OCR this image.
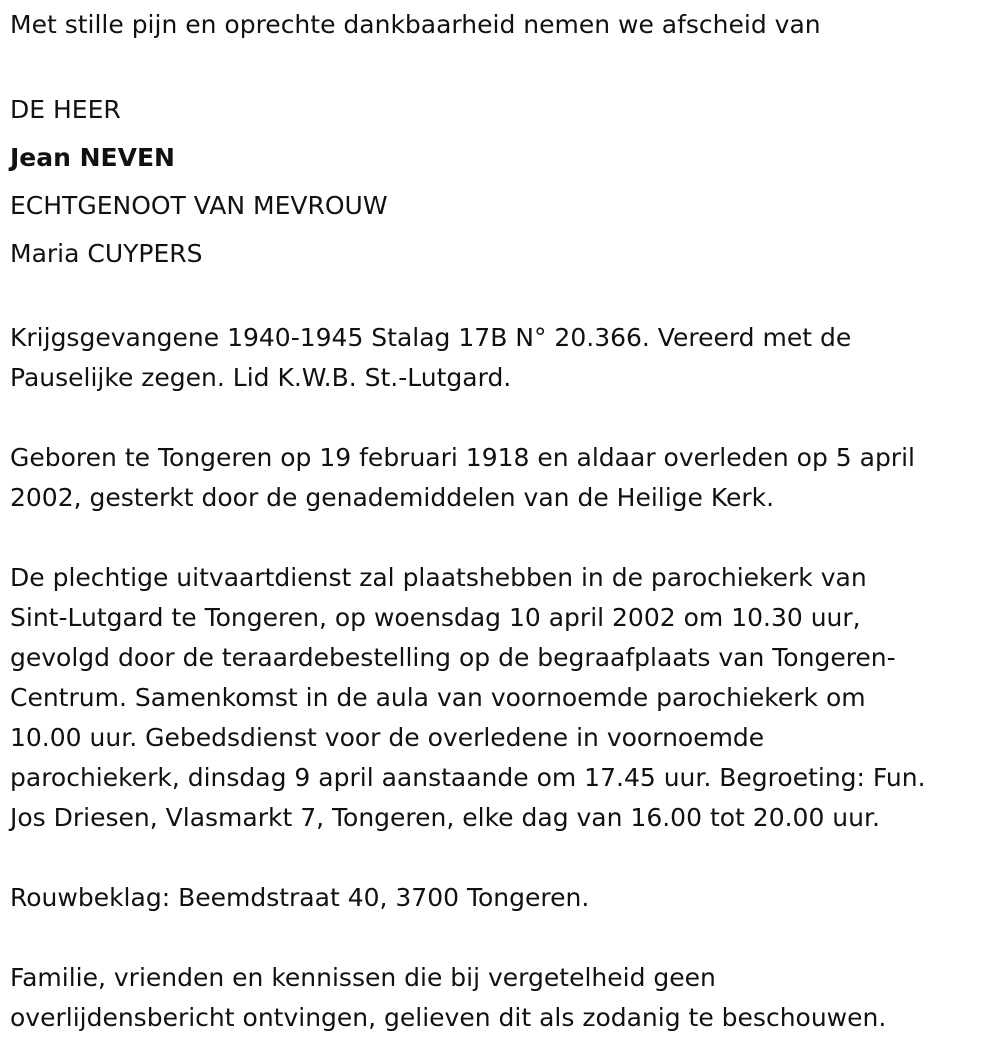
Met stille pijn en oprechte dankbaarheid nemen we afscheid van

DE HEER

Jean NEVEN

ECHTGENOOT VAN MEVROUW

Maria CUYPERS

Krijgsgevangene 1940-1945 Stalag 17B N° 20.366. Vereerd met de
Pauselijke zegen. Lid K.W.B. St.-Lutgard.
Geboren te Tongeren op 19 februari 1918 en aldaar overleden op 5 april
2002, gesterkt door de genademiddelen van de Heilige Kerk.
De plechtige uitvaartdienst zal plaatshebben in de parochiekerk van
Sint-Lutgard te Tongeren, op woensdag 10 april 2002 om 10.30 uur,
gevolgd door de teraardebestelling op de begraafplaats van Tongeren-
Centrum. Samenkomst in de aula van voornoemde parochiekerk om
10.00 uur. Gebedsdienst voor de overledene in voornoemde
parochiekerk, dinsdag 9 april aanstaande om 17.45 uur. Begroeting: Fun.
Jos Driesen, Vlasmarkt 7, Tongeren, elke dag van 16.00 tot 20.00 uur.
Rouwbeklag: Beemdstraat 40, 3700 Tongeren.
Familie, vrienden en kennissen die bij vergetelheid geen
overlijdensbericht ontvingen, gelieven dit als zodanig te beschouwen.
